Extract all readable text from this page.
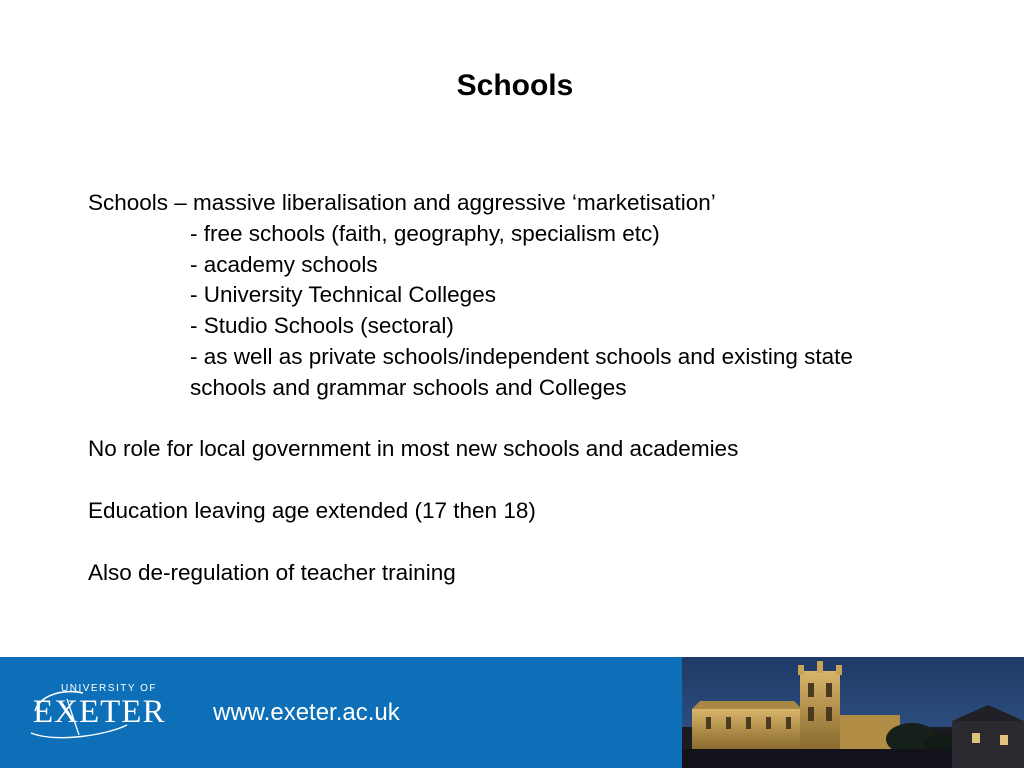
Schools
Schools – massive liberalisation and aggressive ‘marketisation’
- free schools (faith, geography, specialism etc)
- academy schools
- University Technical Colleges
- Studio Schools (sectoral)
- as well as private schools/independent schools and existing state
schools and grammar schools and Colleges
No role for local government in most new schools and academies
Education leaving age extended (17 then 18)
Also de-regulation of teacher training
UNIVERSITY OF
EXETER www.exeter.ac.uk
